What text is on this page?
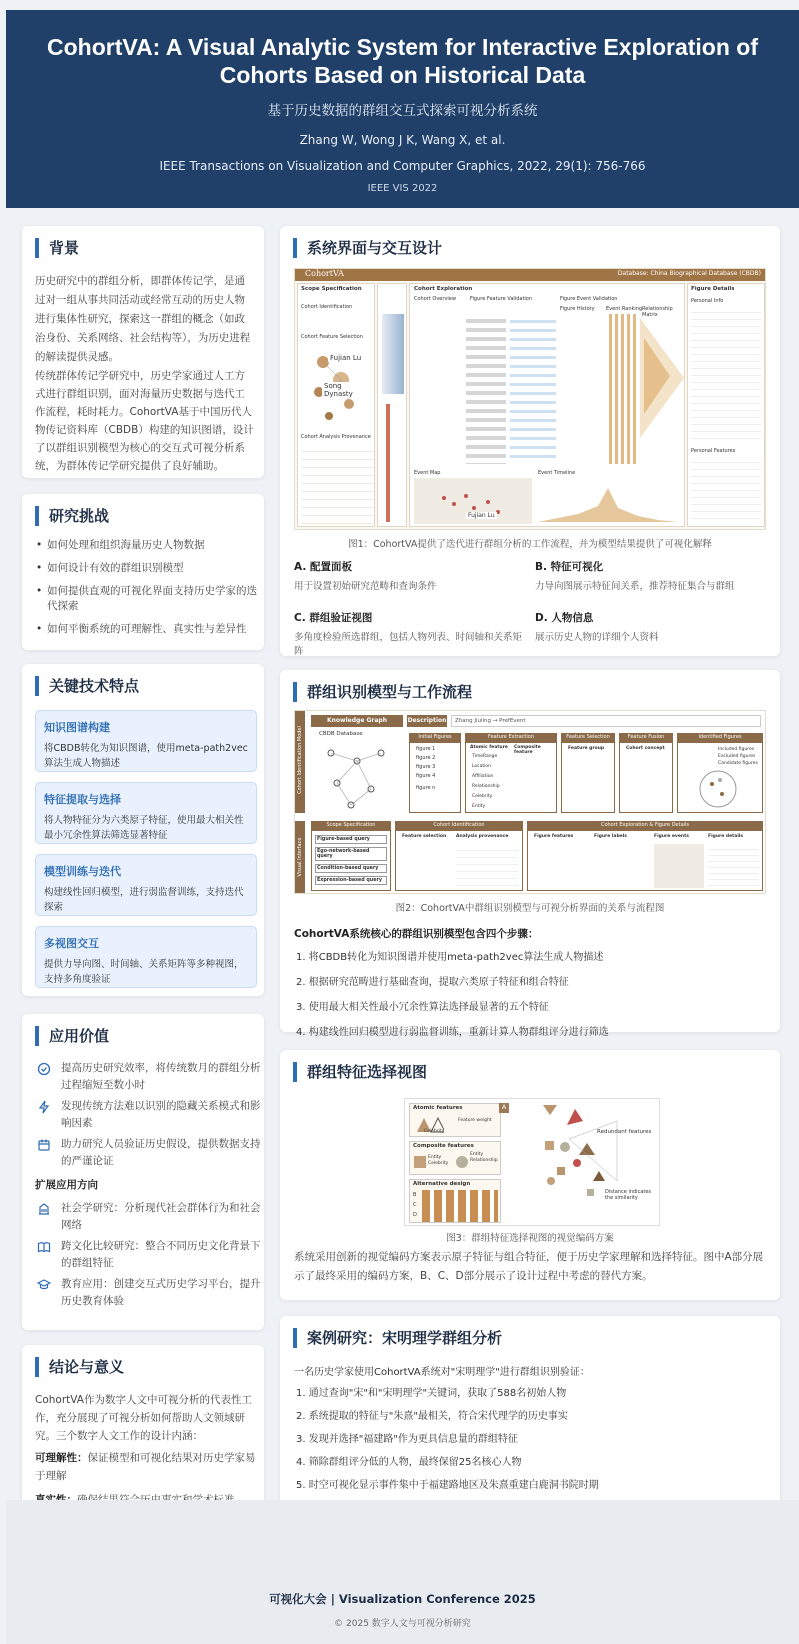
CohortVA: A Visual Analytic System for Interactive Exploration of Cohorts Based on Historical Data
基于历史数据的群组交互式探索可视分析系统
Zhang W, Wong J K, Wang X, et al.
IEEE Transactions on Visualization and Computer Graphics, 2022, 29(1): 756-766
IEEE VIS 2022
背景
历史研究中的群组分析，即群体传记学，是通过对一组从事共同活动或经常互动的历史人物进行集体性研究，探索这一群组的概念（如政治身份、关系网络、社会结构等），为历史进程的解读提供灵感。
传统群体传记学研究中，历史学家通过人工方式进行群组识别，面对海量历史数据与迭代工作流程，耗时耗力。CohortVA基于中国历代人物传记资料库（CBDB）构建的知识图谱，设计了以群组识别模型为核心的交互式可视分析系统，为群体传记学研究提供了良好辅助。
研究挑战
• 如何处理和组织海量历史人物数据
• 如何设计有效的群组识别模型
• 如何提供直观的可视化界面支持历史学家的迭代探索
• 如何平衡系统的可理解性、真实性与差异性
关键技术特点
知识图谱构建
将CBDB转化为知识图谱，使用meta-path2vec算法生成人物描述
特征提取与选择
将人物特征分为六类原子特征，使用最大相关性最小冗余性算法筛选显著特征
模型训练与迭代
构建线性回归模型，进行弱监督训练，支持迭代探索
多视图交互
提供力导向图、时间轴、关系矩阵等多种视图，支持多角度验证
应用价值
提高历史研究效率，将传统数月的群组分析过程缩短至数小时
发现传统方法难以识别的隐藏关系模式和影响因素
助力研究人员验证历史假设，提供数据支持的严谨论证
扩展应用方向
社会学研究：分析现代社会群体行为和社会网络
跨文化比较研究：整合不同历史文化背景下的群组特征
教育应用：创建交互式历史学习平台，提升历史教育体验
结论与意义
CohortVA作为数字人文中可视分析的代表性工作，充分展现了可视分析如何帮助人文领域研究。三个数字人文工作的设计内涵：
可理解性：保证模型和可视化结果对历史学家易于理解
系统界面与交互设计
CohortVA	Database: China Biographical Database (CBDB)
Scope Specification
Cohort Identification
Cohort Feature Selection
Cohort Analysis Provenance
Fujian Lu
Song Dynasty
Cohort Exploration
Cohort Overview	Figure Feature Validation	Figure Event Validation
Figure History Event Ranking Relationship Matrix
Event Map
Fujian Lu
Event Timeline
Figure Details
Personal Info
Personal Features
图1：CohortVA提供了迭代进行群组分析的工作流程，并为模型结果提供了可视化解释
A. 配置面板
用于设置初始研究范畴和查询条件
B. 特征可视化
力导向图展示特征间关系，推荐特征集合与群组
C. 群组验证视图
多角度检验所选群组，包括人物列表、时间轴和关系矩阵
D. 人物信息
展示历史人物的详细个人资料
群组识别模型与工作流程
Cohort Identification Model
Visual Interface
Knowledge Graph	Description	Zhang Jiuling → PrefEvent
CBDB Database	Initial Figures
figure 1
figure 2
figure 3
figure 4
figure n
Feature Extraction
Atomic feature Composite feature
TimeRange
Location
Affiliation
Relationship
Celebrity
Entity
Feature Selection
Feature group
Feature Fusion
Cohort concept
Identified Figures
Included figures
Excluded figures
Candidate figures
Scope Specification
Figure-based query
Ego-network-based query
Condition-based query
Expression-based query
Cohort Identification
Feature selection Analysis provenance
Cohort Exploration & Figure Details
Figure features	Figure labels	Figure events	Figure details
图2：CohortVA中群组识别模型与可视分析界面的关系与流程图
CohortVA系统核心的群组识别模型包含四个步骤：
1. 将CBDB转化为知识图谱并使用meta-path2vec算法生成人物描述
2. 根据研究范畴进行基础查询，提取六类原子特征和组合特征
3. 使用最大相关性最小冗余性算法选择最显著的五个特征
4. 构建线性回归模型进行弱监督训练，重新计算人物群组评分进行筛选
群组特征选择视图
Atomic features
Celebrity
Feature weight
Composite features
Entity
Celebrity
Entity
Relationship
Alternative design
B
C
D
A
Redundant features
Distance indicates the similarity
图3：群组特征选择视图的视觉编码方案
系统采用创新的视觉编码方案表示原子特征与组合特征，便于历史学家理解和选择特征。图中A部分展示了最终采用的编码方案，B、C、D部分展示了设计过程中考虑的替代方案。
案例研究：宋明理学群组分析
一名历史学家使用CohortVA系统对"宋明理学"进行群组识别验证：
1. 通过查询"宋"和"宋明理学"关键词，获取了588名初始人物
2. 系统提取的特征与"朱熹"最相关，符合宋代理学的历史事实
3. 发现并选择"福建路"作为更具信息量的群组特征
4. 筛除群组评分低的人物，最终保留25名核心人物
5. 时空可视化显示事件集中于福建路地区及朱熹重建白鹿洞书院时期
可视化大会 | Visualization Conference 2025
© 2025 数字人文与可视分析研究
